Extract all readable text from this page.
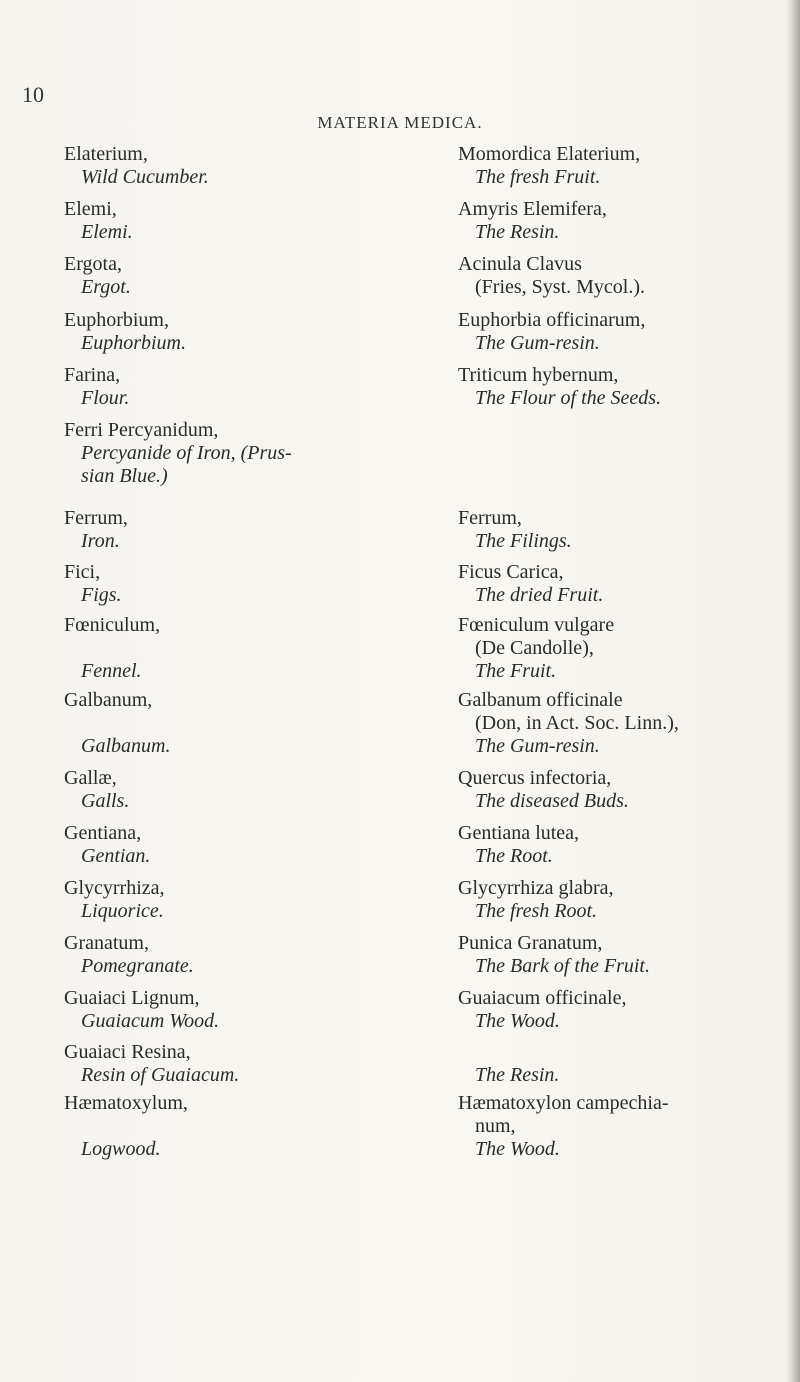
10
MATERIA MEDICA.
Elaterium,
Wild Cucumber.
Elemi,
Elemi.
Ergota,
Ergot.
Euphorbium,
Euphorbium.
Farina,
Flour.
Ferri Percyanidum,
Percyanide of Iron, (Prus-
sian Blue.)
Ferrum,
Iron.
Fici,
Figs.
Fœniculum,

Fennel.
Galbanum,

Galbanum.
Gallæ,
Galls.
Gentiana,
Gentian.
Glycyrrhiza,
Liquorice.
Granatum,
Pomegranate.
Guaiaci Lignum,
Guaiacum Wood.
Guaiaci Resina,
Resin of Guaiacum.
Hæmatoxylum,

Logwood.
Momordica Elaterium,
The fresh Fruit.
Amyris Elemifera,
The Resin.
Acinula Clavus
(Fries, Syst. Mycol.).
Euphorbia officinarum,
The Gum-resin.
Triticum hybernum,
The Flour of the Seeds.
Ferrum,
The Filings.
Ficus Carica,
The dried Fruit.
Fœniculum vulgare
(De Candolle),
The Fruit.
Galbanum officinale
(Don, in Act. Soc. Linn.),
The Gum-resin.
Quercus infectoria,
The diseased Buds.
Gentiana lutea,
The Root.
Glycyrrhiza glabra,
The fresh Root.
Punica Granatum,
The Bark of the Fruit.
Guaiacum officinale,
The Wood.

The Resin.
Hæmatoxylon campechia-
num,
The Wood.
